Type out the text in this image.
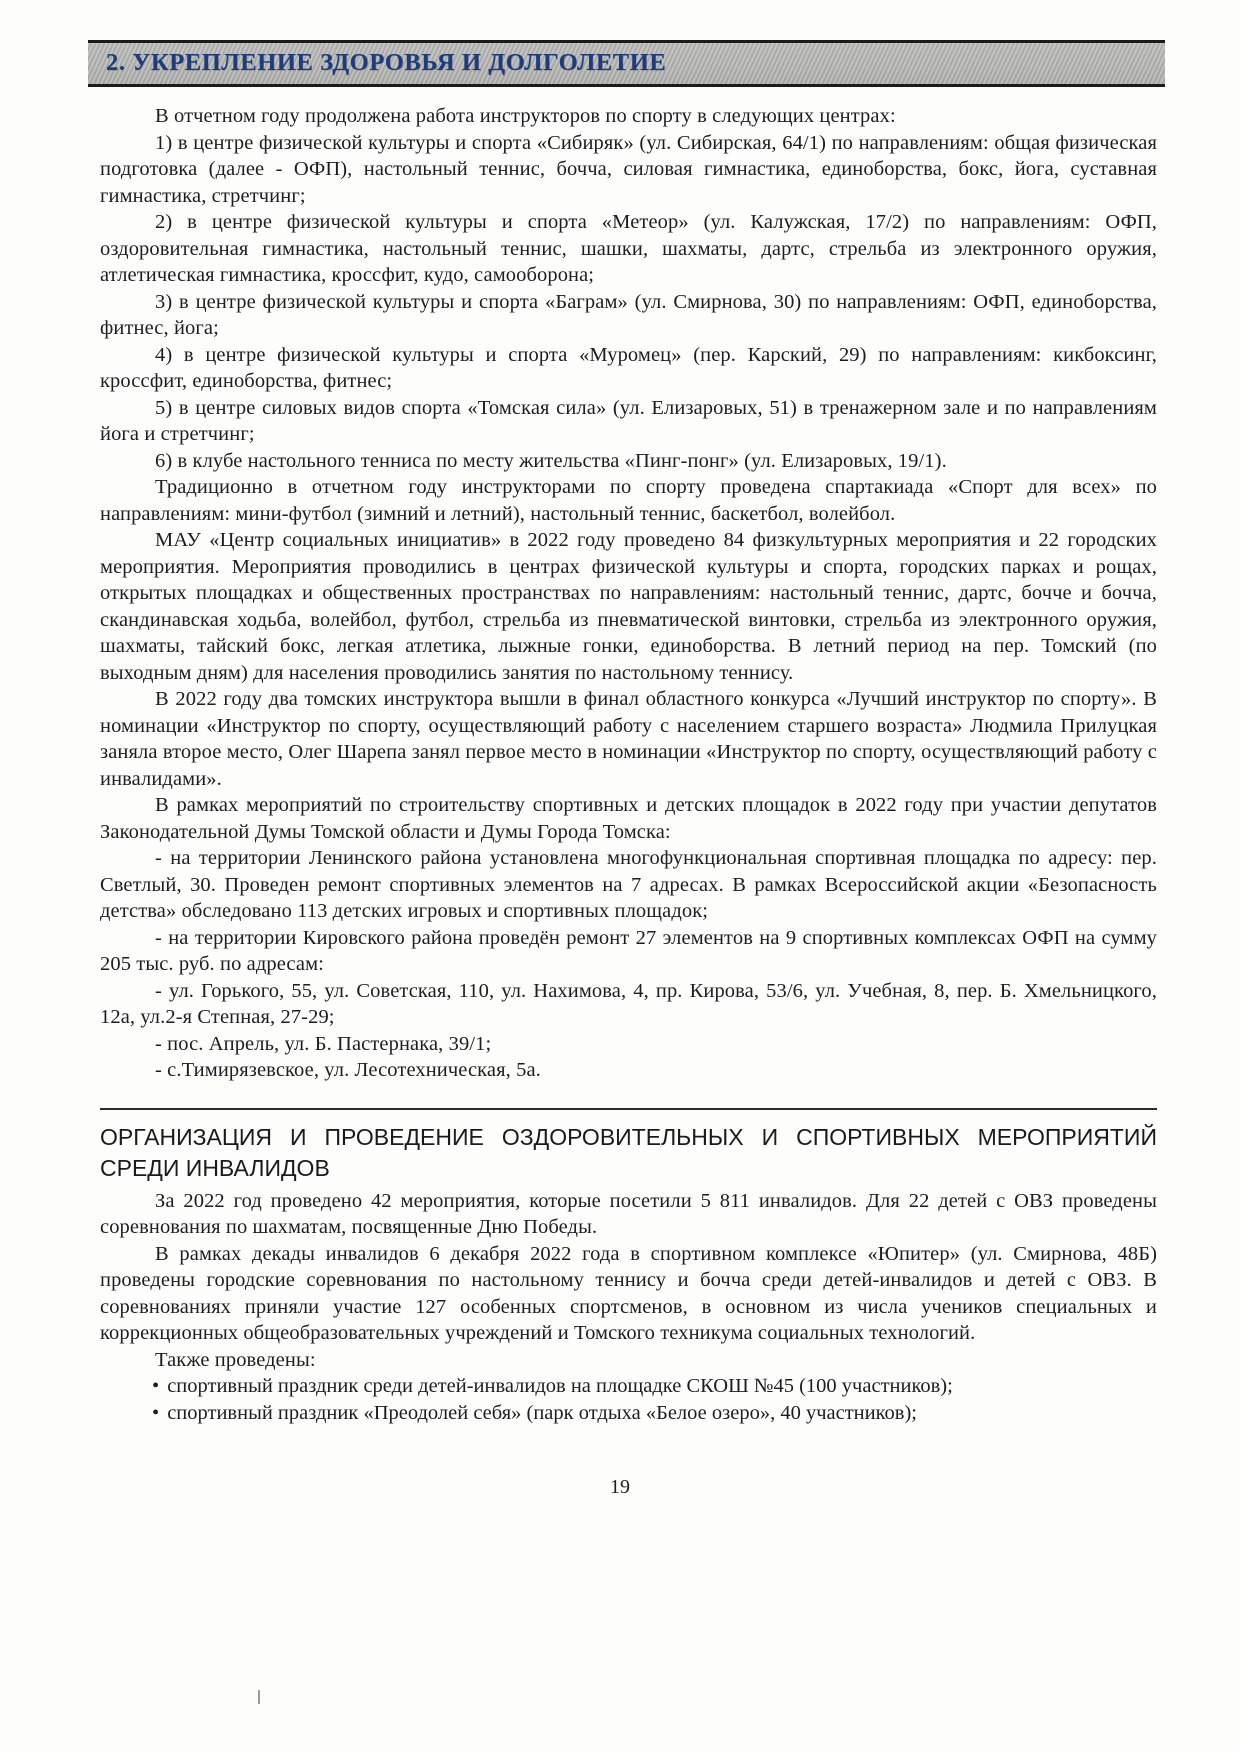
2. УКРЕПЛЕНИЕ ЗДОРОВЬЯ И ДОЛГОЛЕТИЕ

В отчетном году продолжена работа инструкторов по спорту в следующих центрах:

1) в центре физической культуры и спорта «Сибиряк» (ул. Сибирская, 64/1) по направлениям: общая физическая подготовка (далее - ОФП), настольный теннис, бочча, силовая гимнастика, единоборства, бокс, йога, суставная гимнастика, стретчинг;

2) в центре физической культуры и спорта «Метеор» (ул. Калужская, 17/2) по направлениям: ОФП, оздоровительная гимнастика, настольный теннис, шашки, шахматы, дартс, стрельба из электронного оружия, атлетическая гимнастика, кроссфит, кудо, самооборона;

3) в центре физической культуры и спорта «Баграм» (ул. Смирнова, 30) по направлениям: ОФП, единоборства, фитнес, йога;

4) в центре физической культуры и спорта «Муромец» (пер. Карский, 29) по направлениям: кикбоксинг, кроссфит, единоборства, фитнес;

5) в центре силовых видов спорта «Томская сила» (ул. Елизаровых, 51) в тренажерном зале и по направлениям йога и стретчинг;

6) в клубе настольного тенниса по месту жительства «Пинг-понг» (ул. Елизаровых, 19/1).

Традиционно в отчетном году инструкторами по спорту проведена спартакиада «Спорт для всех» по направлениям: мини-футбол (зимний и летний), настольный теннис, баскетбол, волейбол.

МАУ «Центр социальных инициатив» в 2022 году проведено 84 физкультурных мероприятия и 22 городских мероприятия. Мероприятия проводились в центрах физической культуры и спорта, городских парках и рощах, открытых площадках и общественных пространствах по направлениям: настольный теннис, дартс, бочче и бочча, скандинавская ходьба, волейбол, футбол, стрельба из пневматической винтовки, стрельба из электронного оружия, шахматы, тайский бокс, легкая атлетика, лыжные гонки, единоборства. В летний период на пер. Томский (по выходным дням) для населения проводились занятия по настольному теннису.

В 2022 году два томских инструктора вышли в финал областного конкурса «Лучший инструктор по спорту». В номинации «Инструктор по спорту, осуществляющий работу с населением старшего возраста» Людмила Прилуцкая заняла второе место, Олег Шарепа занял первое место в номинации «Инструктор по спорту, осуществляющий работу с инвалидами».

В рамках мероприятий по строительству спортивных и детских площадок в 2022 году при участии депутатов Законодательной Думы Томской области и Думы Города Томска:

- на территории Ленинского района установлена многофункциональная спортивная площадка по адресу: пер. Светлый, 30. Проведен ремонт спортивных элементов на 7 адресах. В рамках Всероссийской акции «Безопасность детства» обследовано 113 детских игровых и спортивных площадок;

- на территории Кировского района проведён ремонт 27 элементов на 9 спортивных комплексах ОФП на сумму 205 тыс. руб. по адресам:

- ул. Горького, 55, ул. Советская, 110, ул. Нахимова, 4, пр. Кирова, 53/6, ул. Учебная, 8, пер. Б. Хмельницкого, 12а, ул.2-я Степная, 27-29;

- пос. Апрель, ул. Б. Пастернака, 39/1;

- с.Тимирязевское, ул. Лесотехническая, 5а.

ОРГАНИЗАЦИЯ И ПРОВЕДЕНИЕ ОЗДОРОВИТЕЛЬНЫХ И СПОРТИВНЫХ МЕРОПРИЯТИЙ СРЕДИ ИНВАЛИДОВ

За 2022 год проведено 42 мероприятия, которые посетили 5 811 инвалидов. Для 22 детей с ОВЗ проведены соревнования по шахматам, посвященные Дню Победы.

В рамках декады инвалидов 6 декабря 2022 года в спортивном комплексе «Юпитер» (ул. Смирнова, 48Б) проведены городские соревнования по настольному теннису и бочча среди детей-инвалидов и детей с ОВЗ. В соревнованиях приняли участие 127 особенных спортсменов, в основном из числа учеников специальных и коррекционных общеобразовательных учреждений и Томского техникума социальных технологий.

Также проведены:

• спортивный праздник среди детей-инвалидов на площадке СКОШ №45 (100 участников);
• спортивный праздник «Преодолей себя» (парк отдыха «Белое озеро», 40 участников);
19
